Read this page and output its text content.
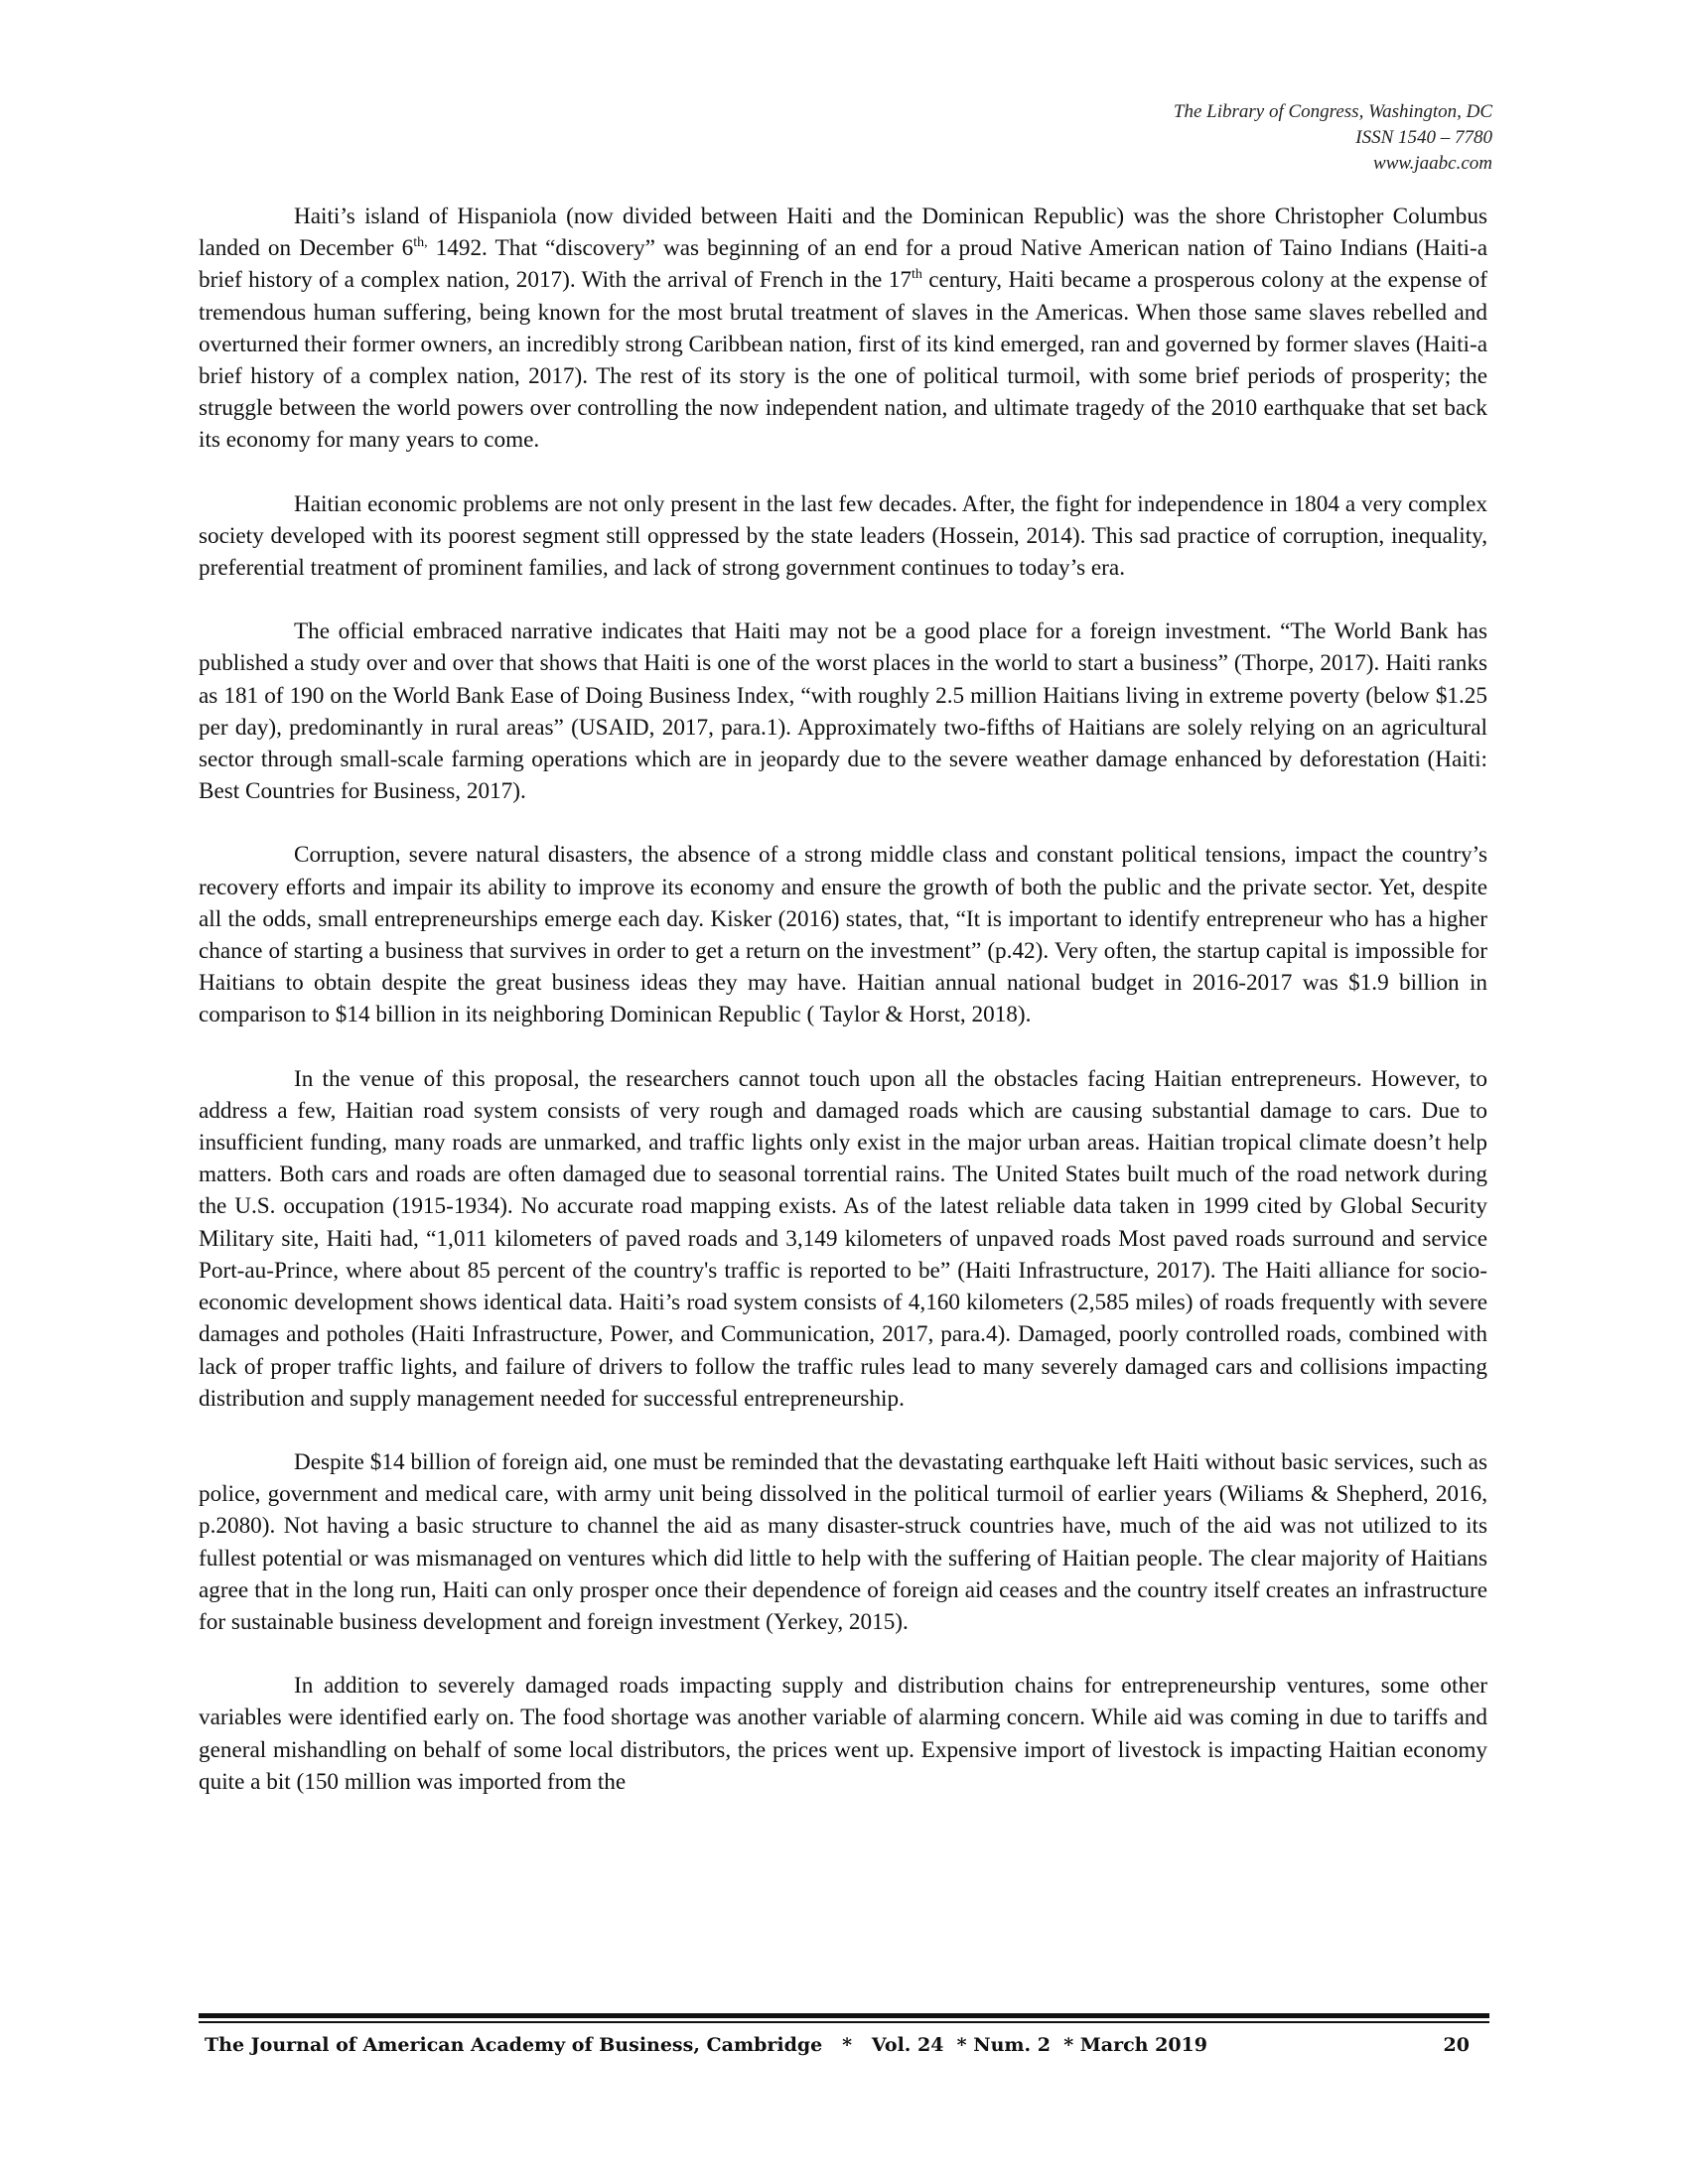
The Library of Congress, Washington, DC
ISSN 1540 – 7780
www.jaabc.com

Haiti’s island of Hispaniola (now divided between Haiti and the Dominican Republic) was the shore Christopher Columbus landed on December $6^{th,}$ 1492. That “discovery” was beginning of an end for a proud Native American nation of Taino Indians (Haiti-a brief history of a complex nation, 2017). With the arrival of French in the 17th century, Haiti became a prosperous colony at the expense of tremendous human suffering, being known for the most brutal treatment of slaves in the Americas. When those same slaves rebelled and overturned their former owners, an incredibly strong Caribbean nation, first of its kind emerged, ran and governed by former slaves (Haiti-a brief history of a complex nation, 2017). The rest of its story is the one of political turmoil, with some brief periods of prosperity; the struggle between the world powers over controlling the now independent nation, and ultimate tragedy of the 2010 earthquake that set back its economy for many years to come.

Haitian economic problems are not only present in the last few decades. After, the fight for independence in 1804 a very complex society developed with its poorest segment still oppressed by the state leaders (Hossein, 2014). This sad practice of corruption, inequality, preferential treatment of prominent families, and lack of strong government continues to today’s era.

The official embraced narrative indicates that Haiti may not be a good place for a foreign investment. “The World Bank has published a study over and over that shows that Haiti is one of the worst places in the world to start a business” (Thorpe, 2017). Haiti ranks as 181 of 190 on the World Bank Ease of Doing Business Index, “with roughly 2.5 million Haitians living in extreme poverty (below $1.25 per day), predominantly in rural areas” (USAID, 2017, para.1). Approximately two-fifths of Haitians are solely relying on an agricultural sector through small-scale farming operations which are in jeopardy due to the severe weather damage enhanced by deforestation (Haiti: Best Countries for Business, 2017).

Corruption, severe natural disasters, the absence of a strong middle class and constant political tensions, impact the country’s recovery efforts and impair its ability to improve its economy and ensure the growth of both the public and the private sector. Yet, despite all the odds, small entrepreneurships emerge each day. Kisker (2016) states, that, “It is important to identify entrepreneur who has a higher chance of starting a business that survives in order to get a return on the investment” (p.42). Very often, the startup capital is impossible for Haitians to obtain despite the great business ideas they may have. Haitian annual national budget in 2016-2017 was $1.9 billion in comparison to $14 billion in its neighboring Dominican Republic ( Taylor & Horst, 2018).

In the venue of this proposal, the researchers cannot touch upon all the obstacles facing Haitian entrepreneurs. However, to address a few, Haitian road system consists of very rough and damaged roads which are causing substantial damage to cars. Due to insufficient funding, many roads are unmarked, and traffic lights only exist in the major urban areas. Haitian tropical climate doesn’t help matters. Both cars and roads are often damaged due to seasonal torrential rains. The United States built much of the road network during the U.S. occupation (1915-1934). No accurate road mapping exists. As of the latest reliable data taken in 1999 cited by Global Security Military site, Haiti had, “1,011 kilometers of paved roads and 3,149 kilometers of unpaved roads Most paved roads surround and service Port-au-Prince, where about 85 percent of the country's traffic is reported to be” (Haiti Infrastructure, 2017). The Haiti alliance for socio-economic development shows identical data. Haiti’s road system consists of 4,160 kilometers (2,585 miles) of roads frequently with severe damages and potholes (Haiti Infrastructure, Power, and Communication, 2017, para.4). Damaged, poorly controlled roads, combined with lack of proper traffic lights, and failure of drivers to follow the traffic rules lead to many severely damaged cars and collisions impacting distribution and supply management needed for successful entrepreneurship.

Despite $14 billion of foreign aid, one must be reminded that the devastating earthquake left Haiti without basic services, such as police, government and medical care, with army unit being dissolved in the political turmoil of earlier years (Wiliams & Shepherd, 2016, p.2080). Not having a basic structure to channel the aid as many disaster-struck countries have, much of the aid was not utilized to its fullest potential or was mismanaged on ventures which did little to help with the suffering of Haitian people. The clear majority of Haitians agree that in the long run, Haiti can only prosper once their dependence of foreign aid ceases and the country itself creates an infrastructure for sustainable business development and foreign investment (Yerkey, 2015).

In addition to severely damaged roads impacting supply and distribution chains for entrepreneurship ventures, some other variables were identified early on. The food shortage was another variable of alarming concern. While aid was coming in due to tariffs and general mishandling on behalf of some local distributors, the prices went up. Expensive import of livestock is impacting Haitian economy quite a bit (150 million was imported from the

The Journal of American Academy of Business, Cambridge   *   Vol. 24  * Num. 2  * March 2019	20
